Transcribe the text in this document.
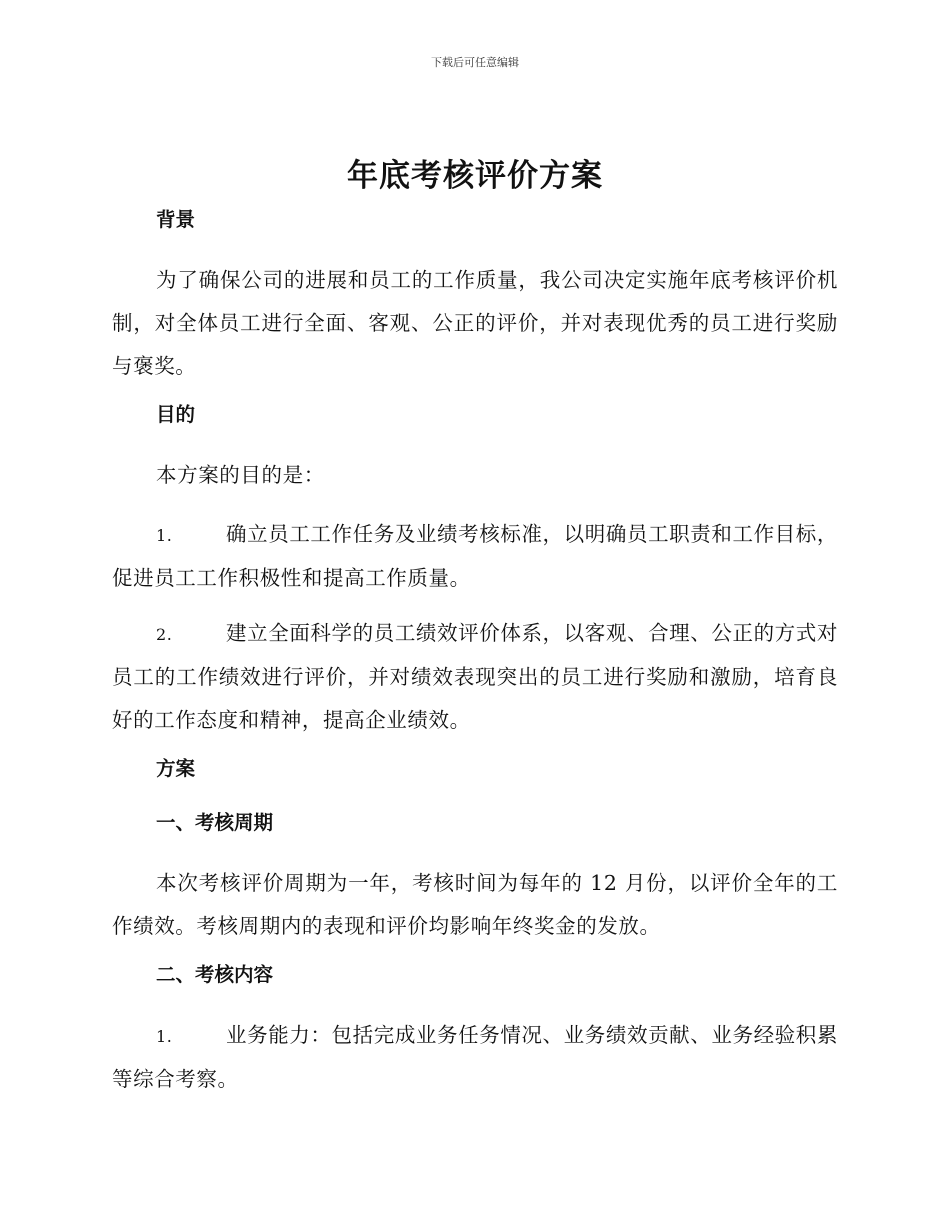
下载后可任意编辑
年底考核评价方案
背景

为了确保公司的进展和员工的工作质量，我公司决定实施年底考核评价机制，对全体员工进行全面、客观、公正的评价，并对表现优秀的员工进行奖励与褒奖。

目的

本方案的目的是：

1.	确立员工工作任务及业绩考核标准，以明确员工职责和工作目标，促进员工工作积极性和提高工作质量。

2.	建立全面科学的员工绩效评价体系，以客观、合理、公正的方式对员工的工作绩效进行评价，并对绩效表现突出的员工进行奖励和激励，培育良好的工作态度和精神，提高企业绩效。

方案
一、考核周期

本次考核评价周期为一年，考核时间为每年的 12 月份，以评价全年的工作绩效。考核周期内的表现和评价均影响年终奖金的发放。

二、考核内容

1.	业务能力：包括完成业务任务情况、业务绩效贡献、业务经验积累等综合考察。
